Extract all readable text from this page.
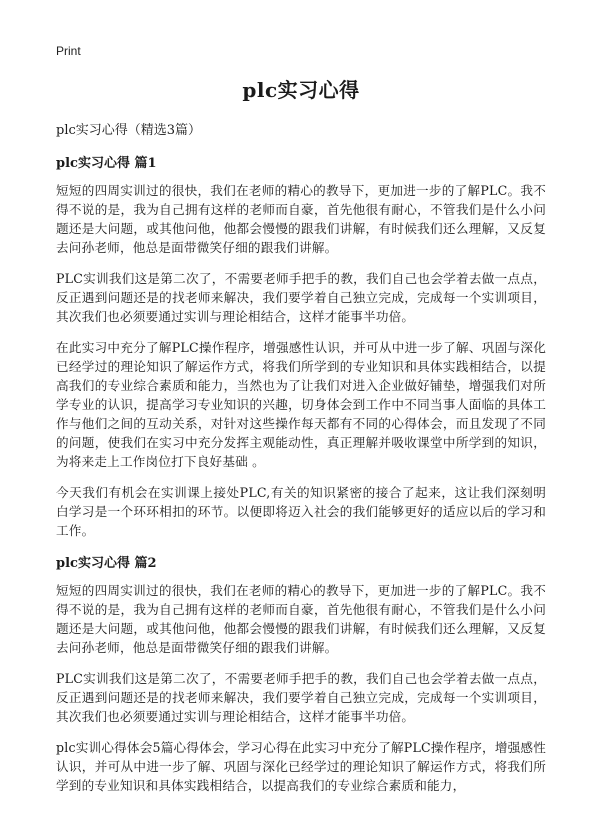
Print
plc实习心得

plc实习心得（精选3篇）

plc实习心得 篇1

短短的四周实训过的很快，我们在老师的精心的教导下，更加进一步的了解PLC。我不得不说的是，我为自己拥有这样的老师而自豪，首先他很有耐心，不管我们是什么小问题还是大问题，或其他问他，他都会慢慢的跟我们讲解，有时候我们还么理解，又反复去问孙老师，他总是面带微笑仔细的跟我们讲解。

PLC实训我们这是第二次了，不需要老师手把手的教，我们自己也会学着去做一点点，反正遇到问题还是的找老师来解决，我们要学着自己独立完成，完成每一个实训项目，其次我们也必须要通过实训与理论相结合，这样才能事半功倍。

在此实习中充分了解PLC操作程序，增强感性认识，并可从中进一步了解、巩固与深化已经学过的理论知识了解运作方式，将我们所学到的专业知识和具体实践相结合，以提高我们的专业综合素质和能力，当然也为了让我们对进入企业做好铺垫，增强我们对所学专业的认识，提高学习专业知识的兴趣，切身体会到工作中不同当事人面临的具体工作与他们之间的互动关系，对针对这些操作每天都有不同的心得体会，而且发现了不同的问题，使我们在实习中充分发挥主观能动性，真正理解并吸收课堂中所学到的知识，为将来走上工作岗位打下良好基础 。

今天我们有机会在实训课上接处PLC,有关的知识紧密的接合了起来，这让我们深刻明白学习是一个环环相扣的环节。以便即将迈入社会的我们能够更好的适应以后的学习和工作。

plc实习心得 篇2

短短的四周实训过的很快，我们在老师的精心的教导下，更加进一步的了解PLC。我不得不说的是，我为自己拥有这样的老师而自豪，首先他很有耐心，不管我们是什么小问题还是大问题，或其他问他，他都会慢慢的跟我们讲解，有时候我们还么理解，又反复去问孙老师，他总是面带微笑仔细的跟我们讲解。

PLC实训我们这是第二次了，不需要老师手把手的教，我们自己也会学着去做一点点，反正遇到问题还是的找老师来解决，我们要学着自己独立完成，完成每一个实训项目，其次我们也必须要通过实训与理论相结合，这样才能事半功倍。

plc实训心得体会5篇心得体会，学习心得在此实习中充分了解PLC操作程序，增强感性认识，并可从中进一步了解、巩固与深化已经学过的理论知识了解运作方式，将我们所学到的专业知识和具体实践相结合，以提高我们的专业综合素质和能力，
